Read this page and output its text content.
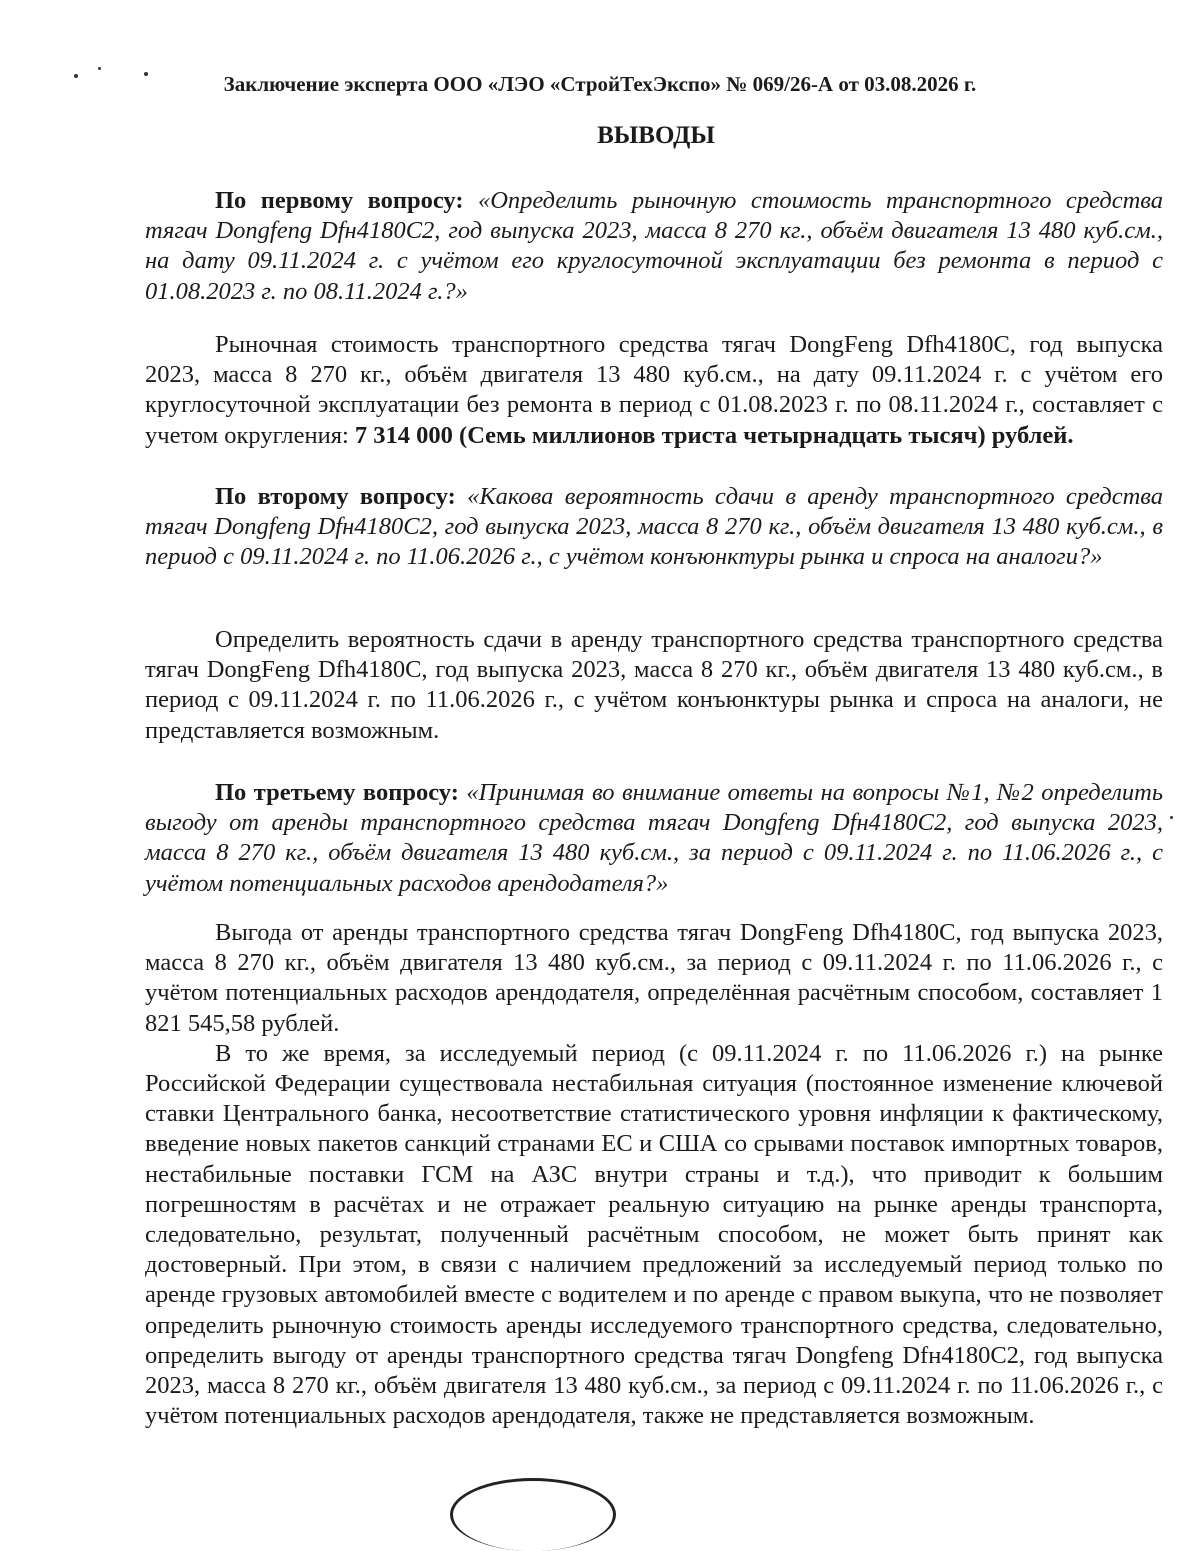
Заключение эксперта ООО «ЛЭО «СтройТехЭкспо» № 069/26-А от 03.08.2026 г.
ВЫВОДЫ

По первому вопросу: «Определить рыночную стоимость транспортного средства тягач Dongfeng Dfн4180C2, год выпуска 2023, масса 8 270 кг., объём двигателя 13 480 куб.см., на дату 09.11.2024 г. с учётом его круглосуточной эксплуатации без ремонта в период с 01.08.2023 г. по 08.11.2024 г.?»

Рыночная стоимость транспортного средства тягач DongFeng Dfh4180C, год выпуска 2023, масса 8 270 кг., объём двигателя 13 480 куб.см., на дату 09.11.2024 г. с учётом его круглосуточной эксплуатации без ремонта в период с 01.08.2023 г. по 08.11.2024 г., составляет с учетом округления: 7 314 000 (Семь миллионов триста четырнадцать тысяч) рублей.

По второму вопросу: «Какова вероятность сдачи в аренду транспортного средства тягач Dongfeng Dfн4180C2, год выпуска 2023, масса 8 270 кг., объём двигателя 13 480 куб.см., в период с 09.11.2024 г. по 11.06.2026 г., с учётом конъюнктуры рынка и спроса на аналоги?»

Определить вероятность сдачи в аренду транспортного средства транспортного средства тягач DongFeng Dfh4180C, год выпуска 2023, масса 8 270 кг., объём двигателя 13 480 куб.см., в период с 09.11.2024 г. по 11.06.2026 г., с учётом конъюнктуры рынка и спроса на аналоги, не представляется возможным.

По третьему вопросу: «Принимая во внимание ответы на вопросы №1, №2 определить выгоду от аренды транспортного средства тягач Dongfeng Dfн4180C2, год выпуска 2023, масса 8 270 кг., объём двигателя 13 480 куб.см., за период с 09.11.2024 г. по 11.06.2026 г., с учётом потенциальных расходов арендодателя?»

Выгода от аренды транспортного средства тягач DongFeng Dfh4180C, год выпуска 2023, масса 8 270 кг., объём двигателя 13 480 куб.см., за период с 09.11.2024 г. по 11.06.2026 г., с учётом потенциальных расходов арендодателя, определённая расчётным способом, составляет 1 821 545,58 рублей.

В то же время, за исследуемый период (с 09.11.2024 г. по 11.06.2026 г.) на рынке Российской Федерации существовала нестабильная ситуация (постоянное изменение ключевой ставки Центрального банка, несоответствие статистического уровня инфляции к фактическому, введение новых пакетов санкций странами ЕС и США со срывами поставок импортных товаров, нестабильные поставки ГСМ на АЗС внутри страны и т.д.), что приводит к большим погрешностям в расчётах и не отражает реальную ситуацию на рынке аренды транспорта, следовательно, результат, полученный расчётным способом, не может быть принят как достоверный. При этом, в связи с наличием предложений за исследуемый период только по аренде грузовых автомобилей вместе с водителем и по аренде с правом выкупа, что не позволяет определить рыночную стоимость аренды исследуемого транспортного средства, следовательно, определить выгоду от аренды транспортного средства тягач Dongfeng Dfн4180C2, год выпуска 2023, масса 8 270 кг., объём двигателя 13 480 куб.см., за период с 09.11.2024 г. по 11.06.2026 г., с учётом потенциальных расходов арендодателя, также не представляется возможным.
